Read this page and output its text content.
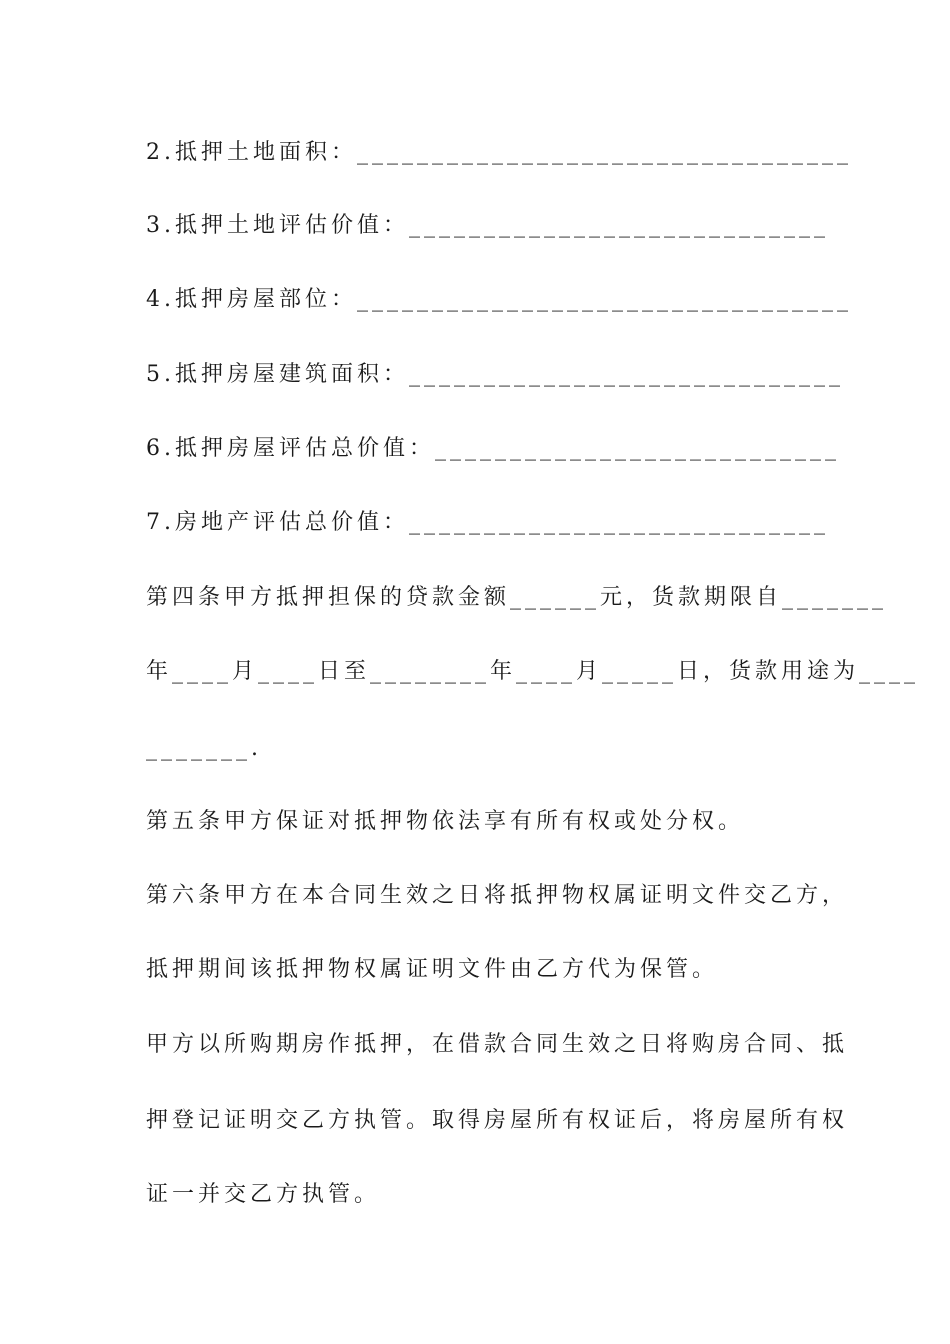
2.抵押土地面积：_________________________________
3.抵押土地评估价值：____________________________
4.抵押房屋部位：_________________________________
5.抵押房屋建筑面积：_____________________________
6.抵押房屋评估总价值：___________________________
7.房地产评估总价值：____________________________
第四条甲方抵押担保的贷款金额______元，货款期限自_______
年____月____日至________年____月_____日，货款用途为____
_______.
第五条甲方保证对抵押物依法享有所有权或处分权。
第六条甲方在本合同生效之日将抵押物权属证明文件交乙方，
抵押期间该抵押物权属证明文件由乙方代为保管。
甲方以所购期房作抵押，在借款合同生效之日将购房合同、抵
押登记证明交乙方执管。取得房屋所有权证后，将房屋所有权
证一并交乙方执管。
